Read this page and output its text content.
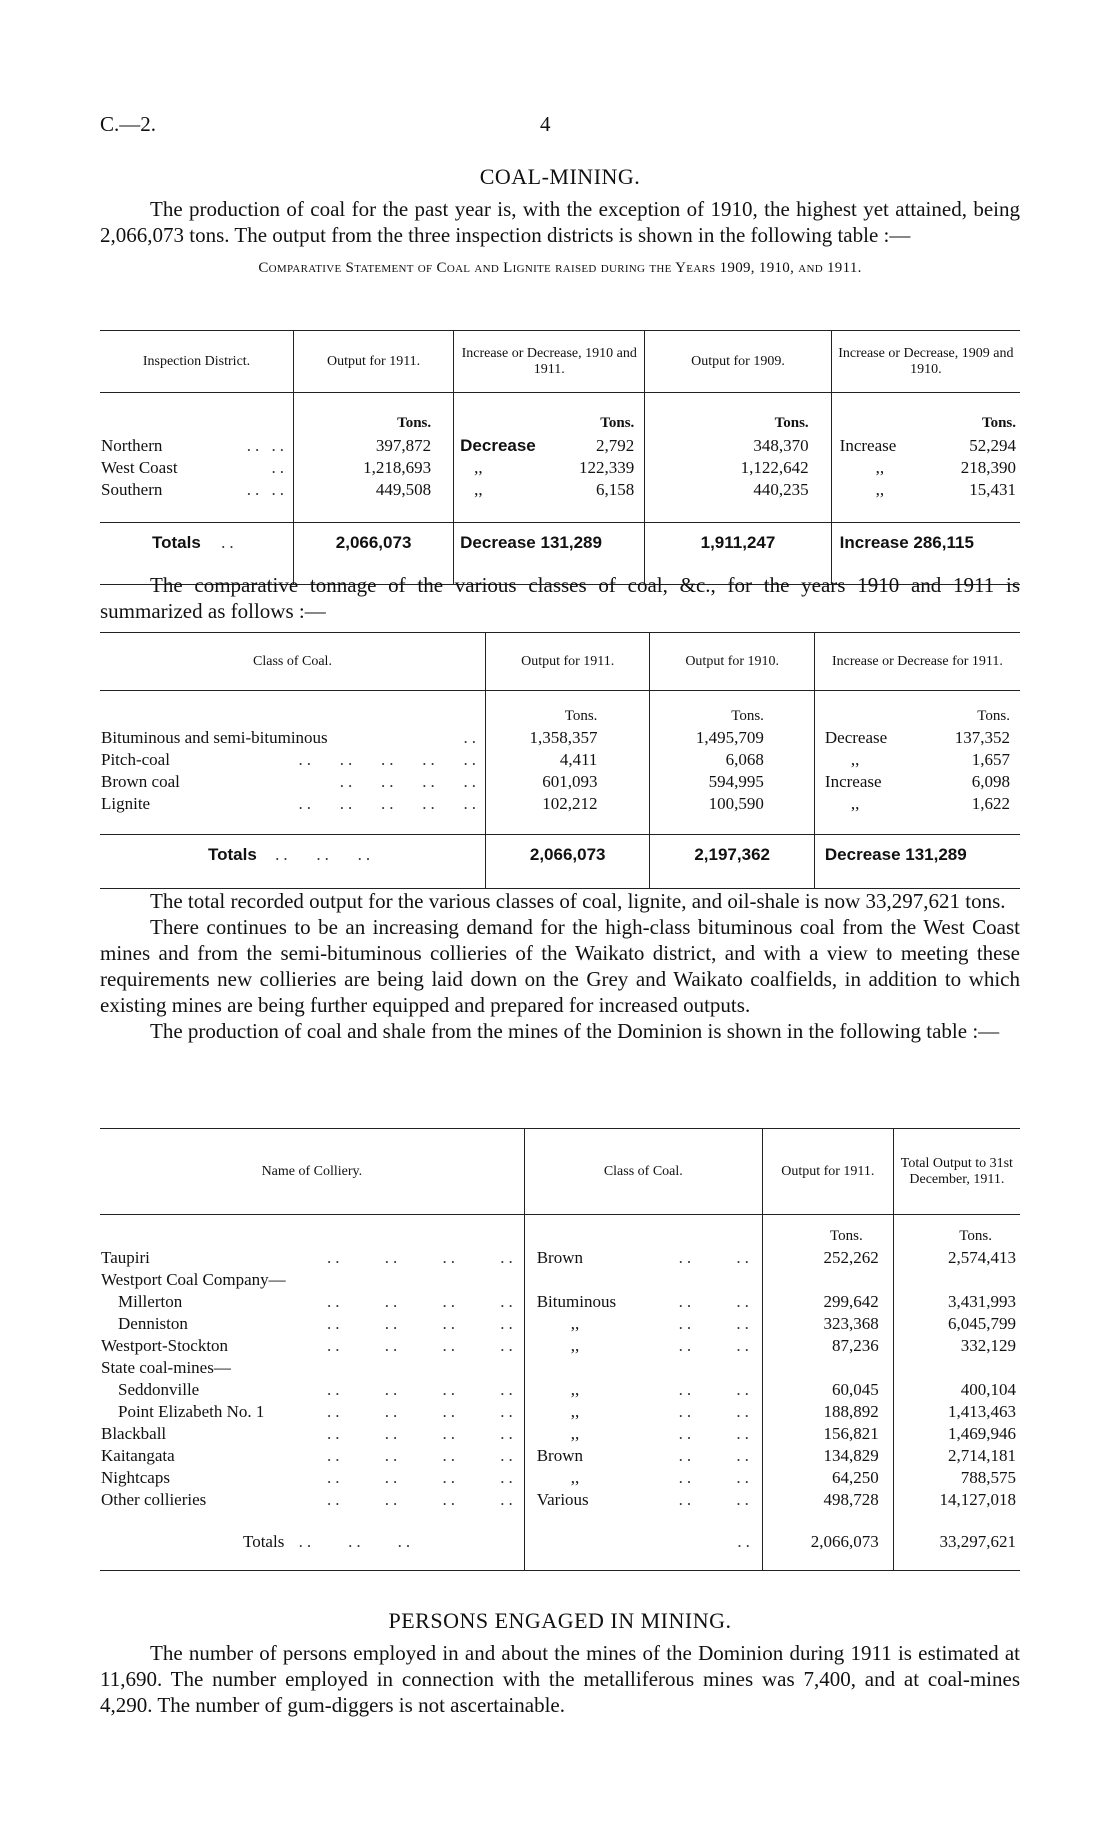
C.—2.	4
COAL-MINING.

The production of coal for the past year is, with the exception of 1910, the highest yet attained, being 2,066,073 tons. The output from the three inspection districts is shown in the following table :—

Comparative Statement of Coal and Lignite raised during the Years 1909, 1910, and 1911.

Inspection District.	Output for 1911.	Increase or Decrease, 1910 and 1911.	Output for 1909.	Increase or Decrease, 1909 and 1910.

	Tons.	Tons.	Tons.	Tons.
Northern .. ..	397,872	Decrease 2,792	348,370	Increase 52,294

West Coast ..	1,218,693	,, 122,339	1,122,642	,, 218,390

Southern .. ..	449,508	,, 6,158	440,235	,, 15,431

Totals ..	2,066,073	Decrease 131,289	1,911,247	Increase 286,115

The comparative tonnage of the various classes of coal, &c., for the years 1910 and 1911 is summarized as follows :—

Class of Coal.	Output for 1911.	Output for 1910.	Increase or Decrease for 1911.

	Tons.	Tons.	Tons.
Bituminous and semi-bituminous ..	1,358,357	1,495,709	Decrease 137,352

Pitch-coal ..   ..   ..   ..   ..	4,411	6,068	,, 1,657

Brown coal ..   ..   ..   ..	601,093	594,995	Increase 6,098

Lignite ..   ..   ..   ..   ..	102,212	100,590	,, 1,622

Totals ..   ..   ..	2,066,073	2,197,362	Decrease 131,289

The total recorded output for the various classes of coal, lignite, and oil-shale is now 33,297,621 tons.

There continues to be an increasing demand for the high-class bituminous coal from the West Coast mines and from the semi-bituminous collieries of the Waikato district, and with a view to meeting these requirements new collieries are being laid down on the Grey and Waikato coalfields, in addition to which existing mines are being further equipped and prepared for increased outputs.

The production of coal and shale from the mines of the Dominion is shown in the following table :—

Name of Colliery.	Class of Coal.	Output for 1911.	Total Output to 31st December, 1911.

		Tons.	Tons.
Taupiri ..     ..     ..     ..	Brown ..     ..	252,262	2,574,413
Westport Coal Company—			
Millerton ..     ..     ..     ..	Bituminous ..     ..	299,642	3,431,993
Denniston ..     ..     ..     ..	,, ..     ..	323,368	6,045,799
Westport-Stockton ..     ..     ..     ..	,, ..     ..	87,236	332,129
State coal-mines—			
Seddonville ..     ..     ..     ..	,, ..     ..	60,045	400,104
Point Elizabeth No. 1 ..     ..     ..     ..	,, ..     ..	188,892	1,413,463
Blackball ..     ..     ..     ..	,, ..     ..	156,821	1,469,946
Kaitangata ..     ..     ..     ..	Brown ..     ..	134,829	2,714,181
Nightcaps ..     ..     ..     ..	,, ..     ..	64,250	788,575
Other collieries ..     ..     ..     ..	Various ..     ..	498,728	14,127,018

Totals ..    ..    ..	..	2,066,073	33,297,621

PERSONS ENGAGED IN MINING.

The number of persons employed in and about the mines of the Dominion during 1911 is estimated at 11,690. The number employed in connection with the metalliferous mines was 7,400, and at coal-mines 4,290. The number of gum-diggers is not ascertainable.
